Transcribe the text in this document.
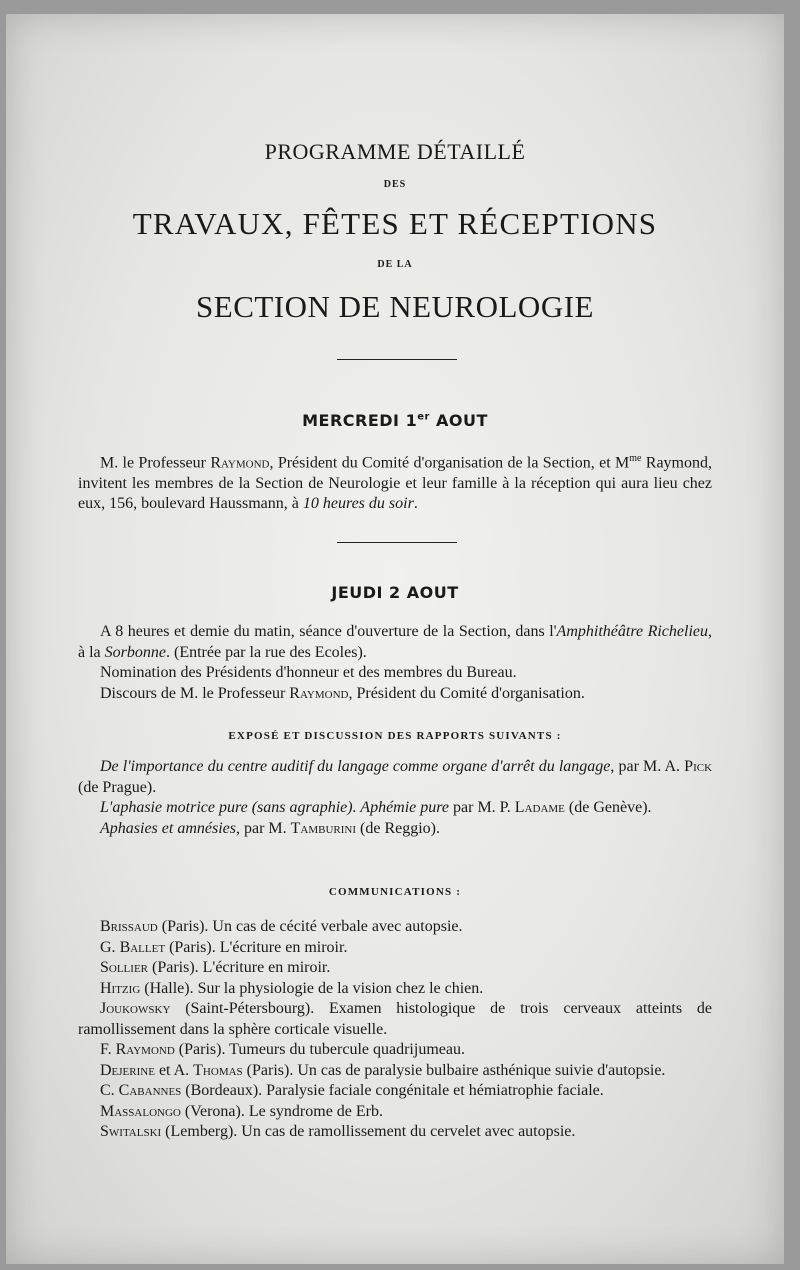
PROGRAMME DÉTAILLÉ
DES
TRAVAUX, FÊTES ET RÉCEPTIONS
DE LA
SECTION DE NEUROLOGIE
MERCREDI 1er AOUT

M. le Professeur Raymond, Président du Comité d'organisation de la Section, et $M^{me}$ Raymond, invitent les membres de la Section de Neurologie et leur famille à la réception qui aura lieu chez eux, 156, boulevard Haussmann, à 10 heures du soir.

JEUDI 2 AOUT

A 8 heures et demie du matin, séance d'ouverture de la Section, dans l'Amphithéâtre Richelieu, à la Sorbonne. (Entrée par la rue des Ecoles).

Nomination des Présidents d'honneur et des membres du Bureau.

Discours de M. le Professeur Raymond, Président du Comité d'organisation.

EXPOSÉ ET DISCUSSION DES RAPPORTS SUIVANTS :

De l'importance du centre auditif du langage comme organe d'arrêt du langage, par M. A. Pick (de Prague).

L'aphasie motrice pure (sans agraphie). Aphémie pure par M. P. Ladame (de Genève).

Aphasies et amnésies, par M. Tamburini (de Reggio).

COMMUNICATIONS :

Brissaud (Paris). Un cas de cécité verbale avec autopsie.

G. Ballet (Paris). L'écriture en miroir.

Sollier (Paris). L'écriture en miroir.

Hitzig (Halle). Sur la physiologie de la vision chez le chien.

Joukowsky (Saint-Pétersbourg). Examen histologique de trois cerveaux atteints de ramollissement dans la sphère corticale visuelle.

F. Raymond (Paris). Tumeurs du tubercule quadrijumeau.

Dejerine et A. Thomas (Paris). Un cas de paralysie bulbaire asthénique suivie d'autopsie.

C. Cabannes (Bordeaux). Paralysie faciale congénitale et hémiatrophie faciale.

Massalongo (Verona). Le syndrome de Erb.

Switalski (Lemberg). Un cas de ramollissement du cervelet avec autopsie.
